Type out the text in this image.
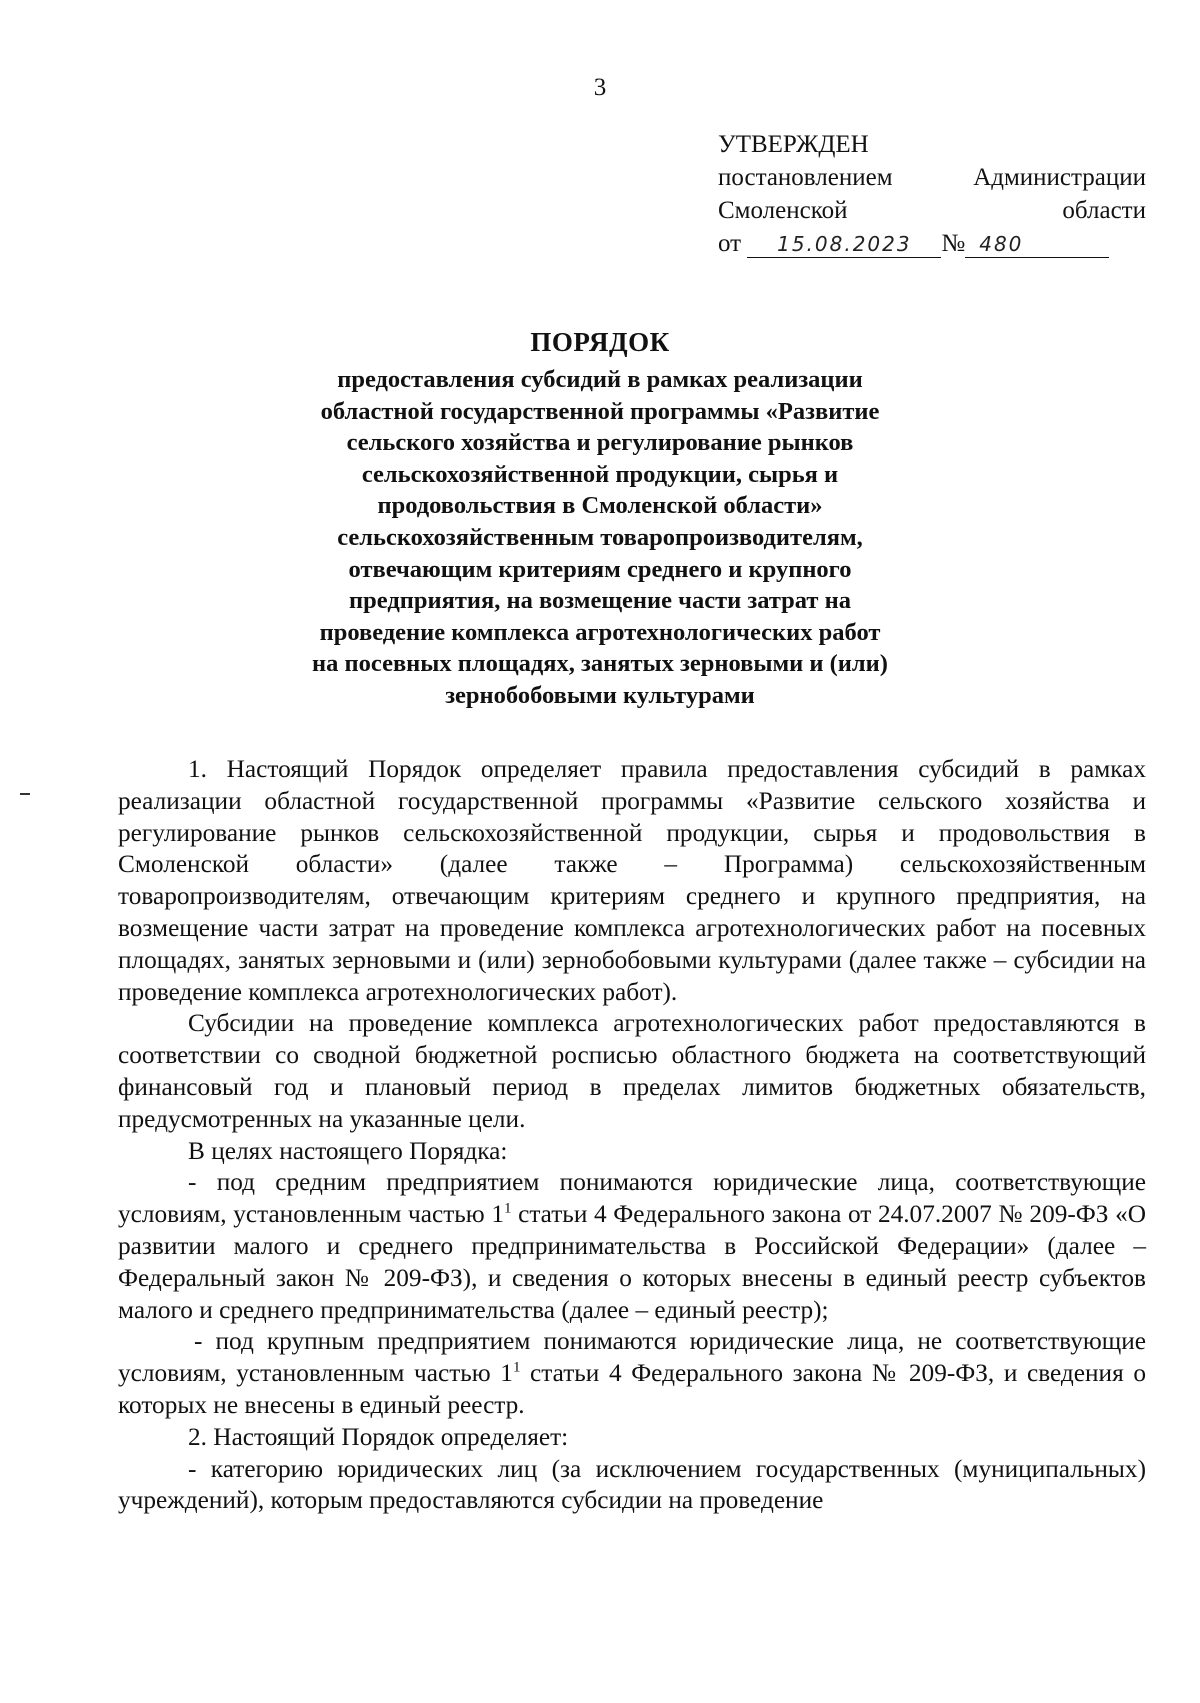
3
УТВЕРЖДЕН
постановлением	Администрации
Смоленской	области
от
	15.08.2023	№ 480
ПОРЯДОК
предоставления субсидий в рамках реализации
областной государственной программы «Развитие
сельского хозяйства и регулирование рынков
сельскохозяйственной продукции, сырья и
продовольствия в Смоленской области»
сельскохозяйственным товаропроизводителям,
отвечающим критериям среднего и крупного
предприятия, на возмещение части затрат на
проведение комплекса агротехнологических работ
на посевных площадях, занятых зерновыми и (или)
зернобобовыми культурами

1. Настоящий Порядок определяет правила предоставления субсидий в рамках реализации областной государственной программы «Развитие сельского хозяйства и регулирование рынков сельскохозяйственной продукции, сырья и продовольствия в Смоленской области» (далее также – Программа) сельскохозяйственным товаропроизводителям, отвечающим критериям среднего и крупного предприятия, на возмещение части затрат на проведение комплекса агротехнологических работ на посевных площадях, занятых зерновыми и (или) зернобобовыми культурами (далее также – субсидии на проведение комплекса агротехнологических работ).

Субсидии на проведение комплекса агротехнологических работ предоставляются в соответствии со сводной бюджетной росписью областного бюджета на соответствующий финансовый год и плановый период в пределах лимитов бюджетных обязательств, предусмотренных на указанные цели.

В целях настоящего Порядка:

- под средним предприятием понимаются юридические лица, соответствующие условиям, установленным частью $1^1$ статьи 4 Федерального закона от 24.07.2007 № 209-ФЗ «О развитии малого и среднего предпринимательства в Российской Федерации» (далее – Федеральный закон № 209-ФЗ), и сведения о которых внесены в единый реестр субъектов малого и среднего предпринимательства (далее – единый реестр);

- под крупным предприятием понимаются юридические лица, не соответствующие условиям, установленным частью $1^1$ статьи 4 Федерального закона № 209-ФЗ, и сведения о которых не внесены в единый реестр.

2. Настоящий Порядок определяет:

- категорию юридических лиц (за исключением государственных (муниципальных) учреждений), которым предоставляются субсидии на проведение
